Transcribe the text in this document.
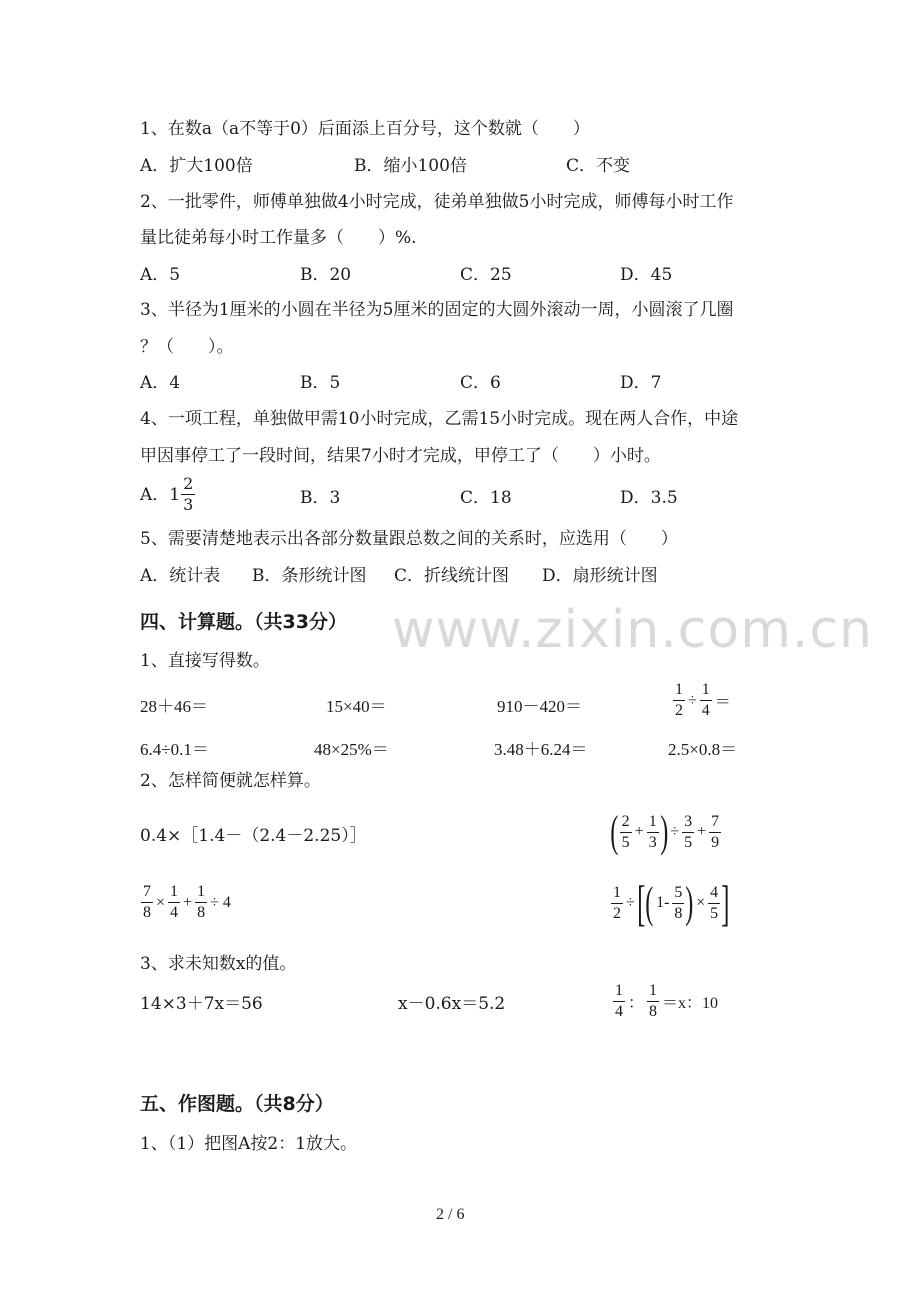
www.zixin.com.cn
1、在数a（a不等于0）后面添上百分号，这个数就（　　）
A．扩大100倍	B．缩小100倍	C．不变
2、一批零件，师傅单独做4小时完成，徒弟单独做5小时完成，师傅每小时工作
量比徒弟每小时工作量多（　　）%.
A．5	B．20	C．25	D．45
3、半径为1厘米的小圆在半径为5厘米的固定的大圆外滚动一周，小圆滚了几圈
？（　　）。
A．4	B．5	C．6	D．7
4、一项工程，单独做甲需10小时完成，乙需15小时完成。现在两人合作，中途
甲因事停工了一段时间，结果7小时才完成，甲停工了（　　）小时。
A．$1 \frac{2}{3}$	B．3	C．18	D．3.5
5、需要清楚地表示出各部分数量跟总数之间的关系时，应选用（　　）
A．统计表 B．条形统计图 C．折线统计图 D．扇形统计图
四、计算题。（共33分）
1、直接写得数。
28＋46＝	15×40＝	910－420＝	$\frac{1}{2} \div \frac{1}{4}$ ＝
6.4÷0.1＝	48×25%＝	3.48＋6.24＝	2.5×0.8＝
2、怎样简便就怎样算。
0.4×［1.4－（2.4－2.25）］	( $\frac{2}{5} + \frac{1}{3}$ ) ÷ $\frac{3}{5} + \frac{7}{9}$
$\frac{7}{8} \times \frac{1}{4} + \frac{1}{8} \div 4$	$\frac{1}{2}$ ÷ [ ( $1- \frac{5}{8}$ ) × $\frac{4}{5}$ ]
3、求未知数x的值。
14×3＋7x＝56	x－0.6x＝5.2	$\frac{1}{4}$ ： $\frac{1}{8} =x$：10
五、作图题。（共8分）
1、（1）把图A按2：1放大。
2 / 6
